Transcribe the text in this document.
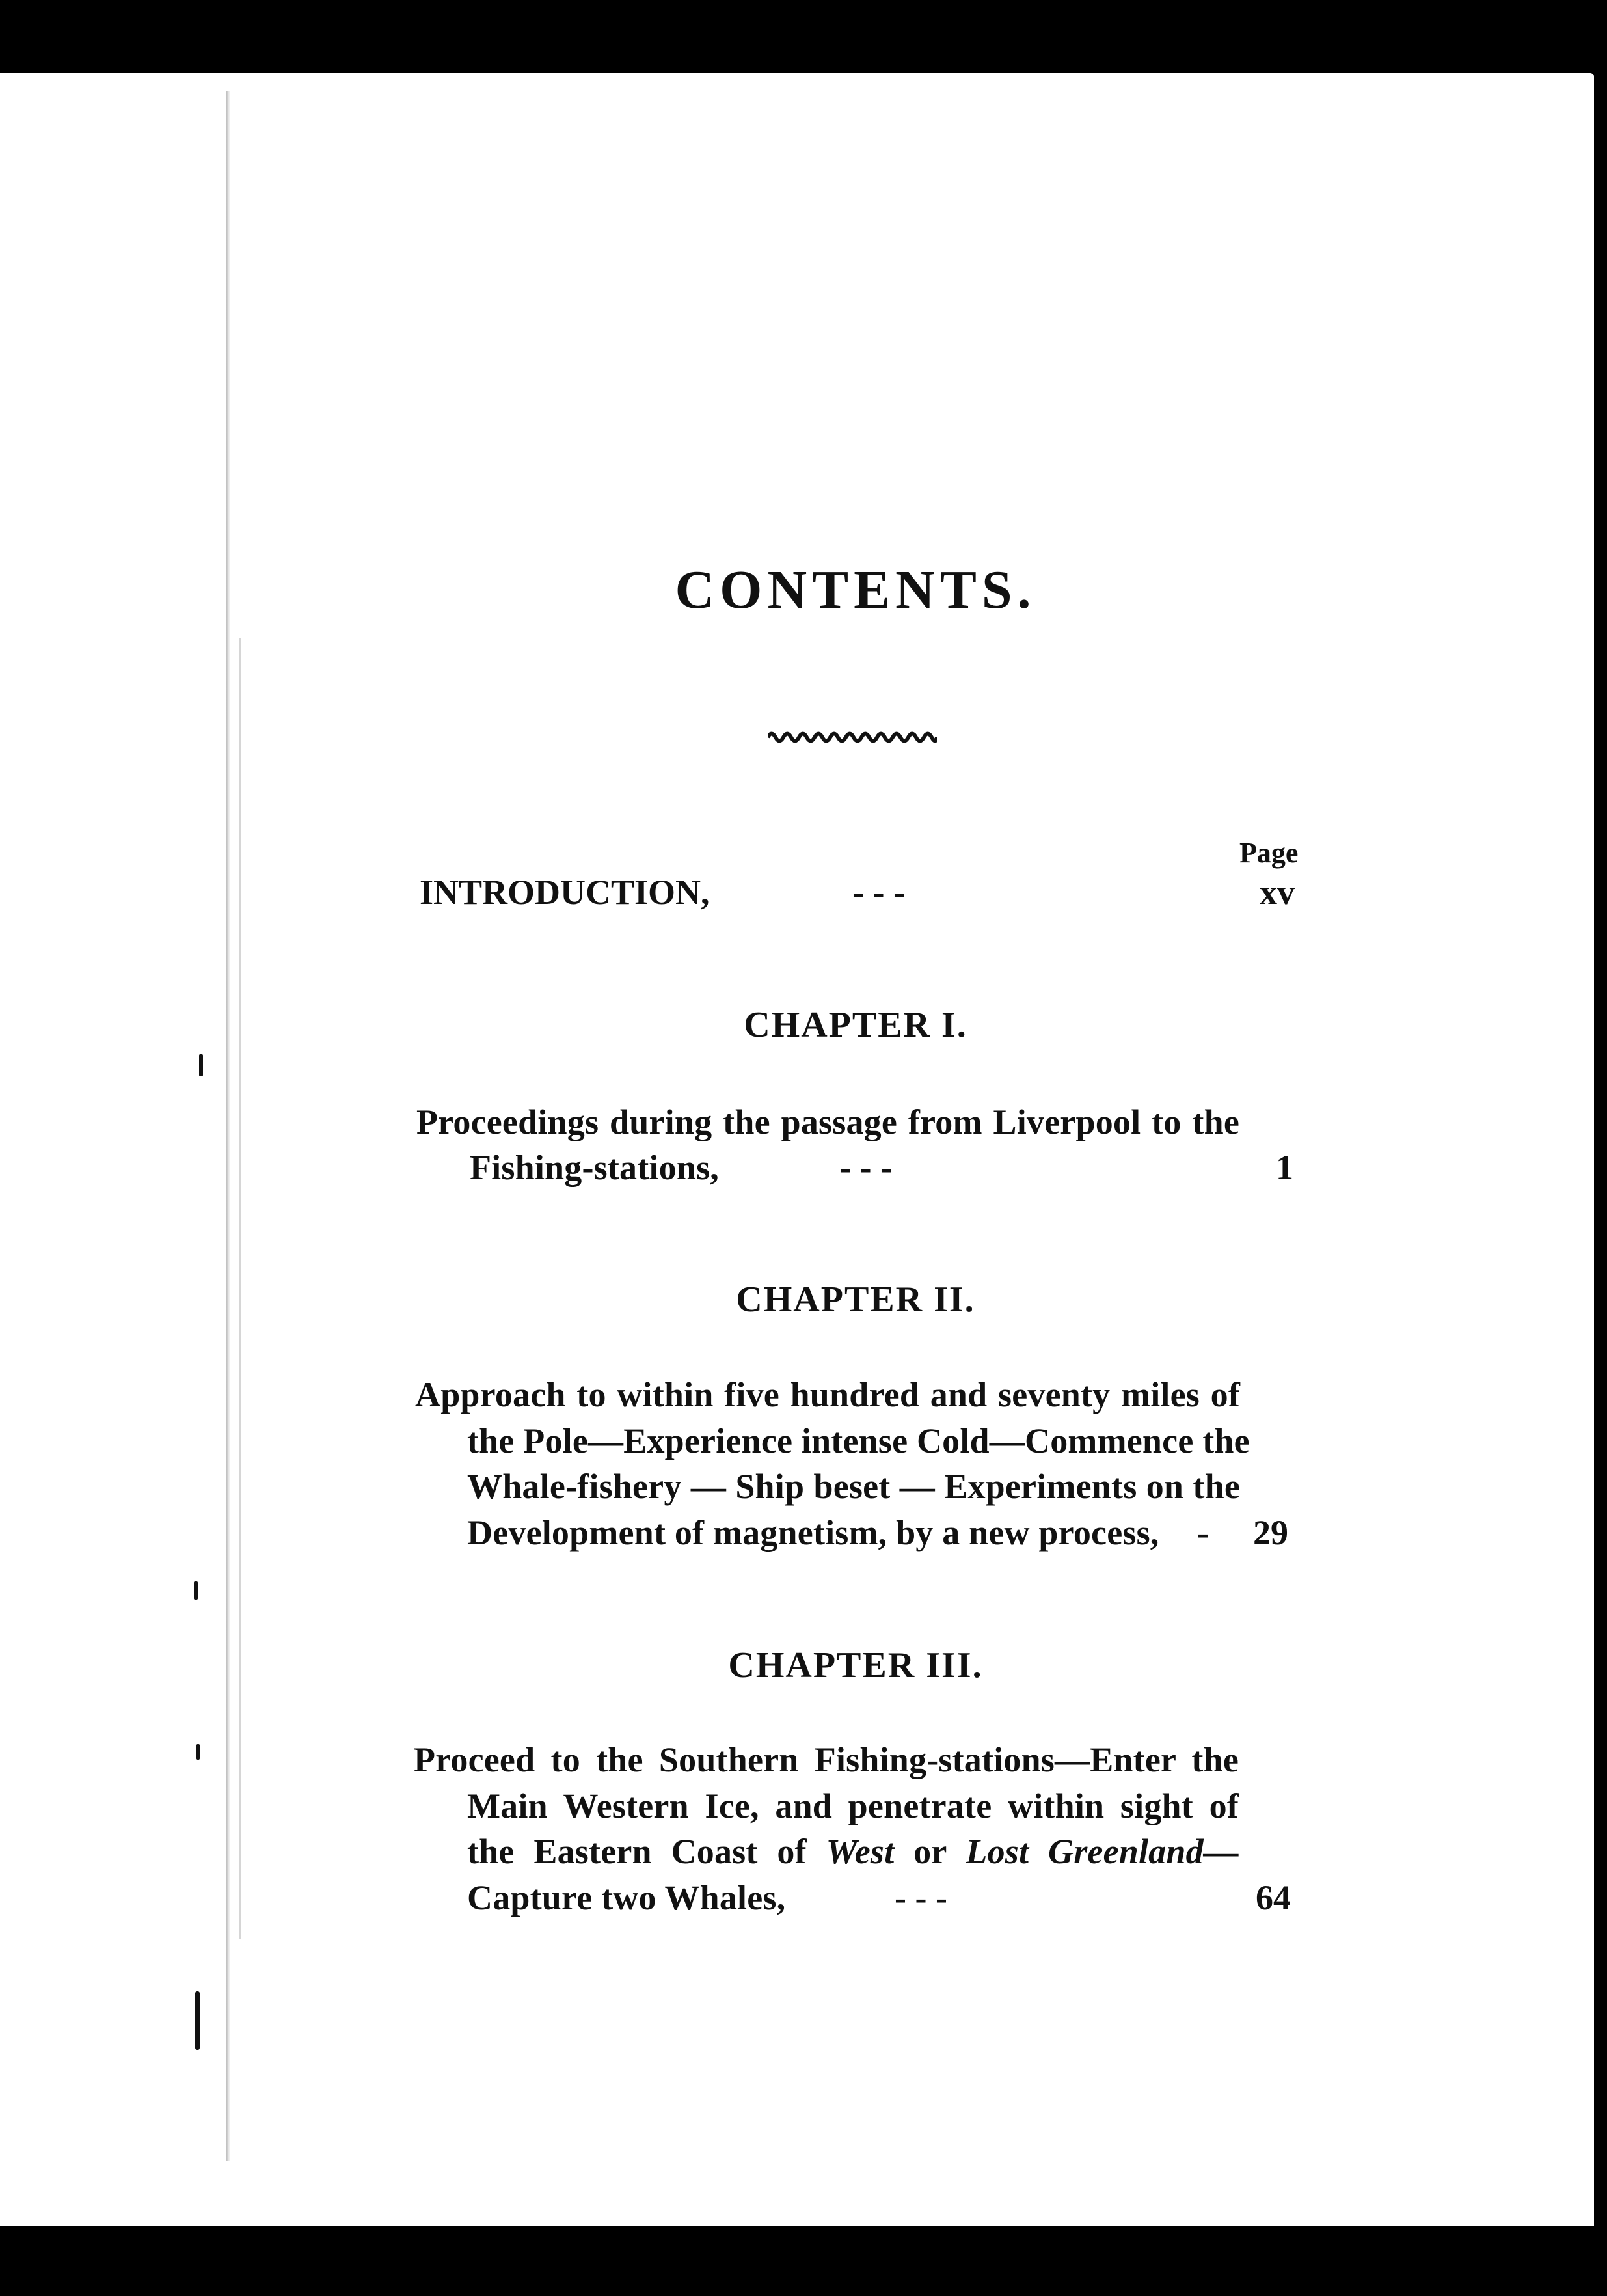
CONTENTS.
Page
INTRODUCTION,	- - -	xv
CHAPTER I.
Proceedings during the passage from Liverpool to the
Fishing-stations,	- - -	1
CHAPTER II.
Approach to within five hundred and seventy miles of
the Pole—Experience intense Cold—Commence the
Whale-fishery — Ship beset — Experiments on the
Development of magnetism, by a new process, -	29
CHAPTER III.
Proceed to the Southern Fishing-stations—Enter the
Main Western Ice, and penetrate within sight of
the Eastern Coast of West or Lost Greenland—
Capture two Whales,	- - -	64
